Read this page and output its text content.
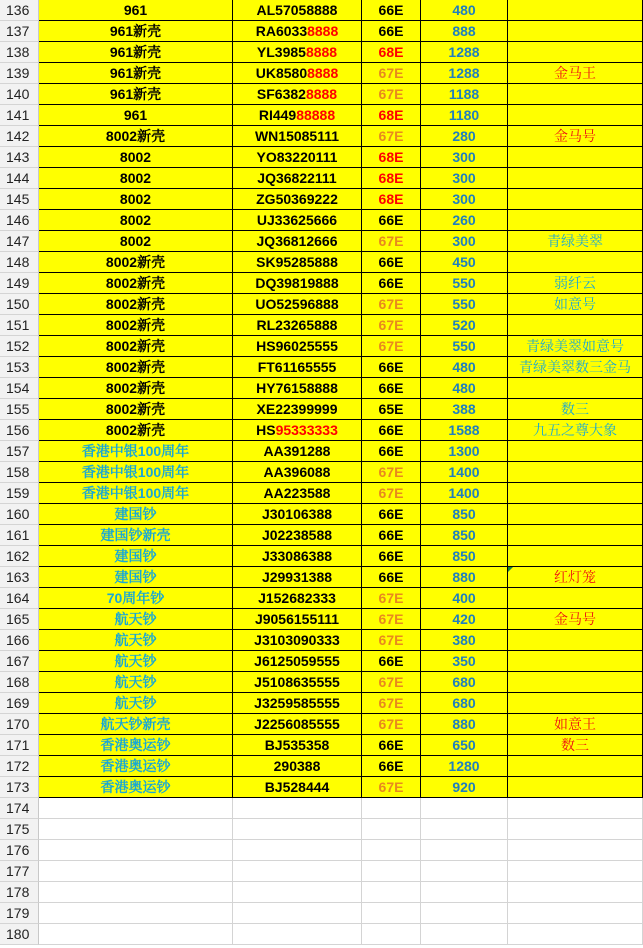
136	961	AL57058888	66E	480
137	961新壳	RA6033 8888	66E	888
138	961新壳	YL3985 8888	68E	1288
139	961新壳	UK8580 8888	67E	1288	金马王
140	961新壳	SF6382 8888	67E	1188
141	961	RI449 88888	68E	1180
142	8002新壳	WN15085111	67E	280	金马号
143	8002	YO83220111	68E	300
144	8002	JQ36822111	68E	300
145	8002	ZG50369222	68E	300
146	8002	UJ33625666	66E	260
147	8002	JQ36812666	67E	300	青绿美翠
148	8002新壳	SK95285888	66E	450
149	8002新壳	DQ39819888	66E	550	弱纤云
150	8002新壳	UO52596888	67E	550	如意号
151	8002新壳	RL23265888	67E	520
152	8002新壳	HS96025555	67E	550	青绿美翠如意号
153	8002新壳	FT61165555	66E	480	青绿美翠数三金马
154	8002新壳	HY76158888	66E	480
155	8002新壳	XE22399999	65E	388	数三
156	8002新壳	HS 95333333	66E	1588	九五之尊大象
157	香港中银100周年	AA391288	66E	1300
158	香港中银100周年	AA396088	67E	1400
159	香港中银100周年	AA223588	67E	1400
160	建国钞	J30106388	66E	850
161	建国钞新壳	J02238588	66E	850
162	建国钞	J33086388	66E	850
163	建国钞	J29931388	66E	880	红灯笼
164	70周年钞	J152682333	67E	400
165	航天钞	J9056155111	67E	420	金马号
166	航天钞	J3103090333	67E	380
167	航天钞	J6125059555	66E	350
168	航天钞	J5108635555	67E	680
169	航天钞	J3259585555	67E	680
170	航天钞新壳	J2256085555	67E	880	如意王
171	香港奥运钞	BJ535358	66E	650	数三
172	香港奥运钞	290388	66E	1280
173	香港奥运钞	BJ528444	67E	920
174
175
176
177
178
179
180
